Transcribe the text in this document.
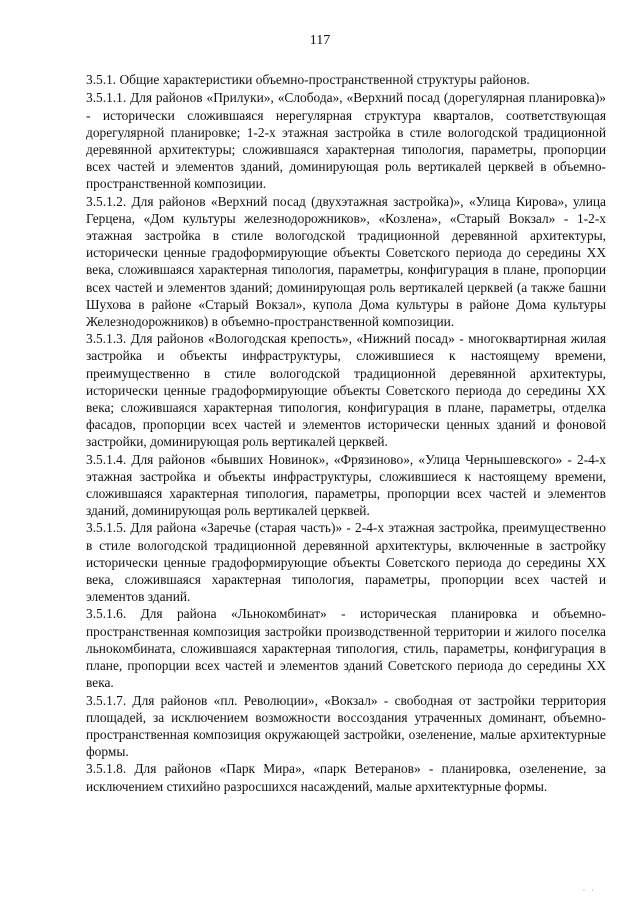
117

3.5.1. Общие характеристики объемно-пространственной структуры районов.

3.5.1.1. Для районов «Прилуки», «Слобода», «Верхний посад (дорегулярная планировка)» - исторически сложившаяся нерегулярная структура кварталов, соответствующая дорегулярной планировке; 1-2-х этажная застройка в стиле вологодской традиционной деревянной архитектуры; сложившаяся характерная типология, параметры, пропорции всех частей и элементов зданий, доминирующая роль вертикалей церквей в объемно-пространственной композиции.

3.5.1.2. Для районов «Верхний посад (двухэтажная застройка)», «Улица Кирова», улица Герцена, «Дом культуры железнодорожников», «Козлена», «Старый Вокзал» - 1-2-х этажная застройка в стиле вологодской традиционной деревянной архитектуры, исторически ценные градоформирующие объекты Советского периода до середины XX века, сложившаяся характерная типология, параметры, конфигурация в плане, пропорции всех частей и элементов зданий; доминирующая роль вертикалей церквей (а также башни Шухова в районе «Старый Вокзал», купола Дома культуры в районе Дома культуры Железнодорожников) в объемно-пространственной композиции.

3.5.1.3. Для районов «Вологодская крепость», «Нижний посад» - многоквартирная жилая застройка и объекты инфраструктуры, сложившиеся к настоящему времени, преимущественно в стиле вологодской традиционной деревянной архитектуры, исторически ценные градоформирующие объекты Советского периода до середины XX века; сложившаяся характерная типология, конфигурация в плане, параметры, отделка фасадов, пропорции всех частей и элементов исторически ценных зданий и фоновой застройки, доминирующая роль вертикалей церквей.

3.5.1.4. Для районов «бывших Новинок», «Фрязиново», «Улица Чернышевского» - 2-4-х этажная застройка и объекты инфраструктуры, сложившиеся к настоящему времени, сложившаяся характерная типология, параметры, пропорции всех частей и элементов зданий, доминирующая роль вертикалей церквей.

3.5.1.5. Для района «Заречье (старая часть)» - 2-4-х этажная застройка, преимущественно в стиле вологодской традиционной деревянной архитектуры, включенные в застройку исторически ценные градоформирующие объекты Советского периода до середины XX века, сложившаяся характерная типология, параметры, пропорции всех частей и элементов зданий.

3.5.1.6. Для района «Льнокомбинат» - историческая планировка и объемно-пространственная композиция застройки производственной территории и жилого поселка льнокомбината, сложившаяся характерная типология, стиль, параметры, конфигурация в плане, пропорции всех частей и элементов зданий Советского периода до середины XX века.

3.5.1.7. Для районов «пл. Революции», «Вокзал» - свободная от застройки территория площадей, за исключением возможности воссоздания утраченных доминант, объемно-пространственная композиция окружающей застройки, озеленение, малые архитектурные формы.

3.5.1.8. Для районов «Парк Мира», «парк Ветеранов» - планировка, озеленение, за исключением стихийно разросшихся насаждений, малые архитектурные формы.

· ·
